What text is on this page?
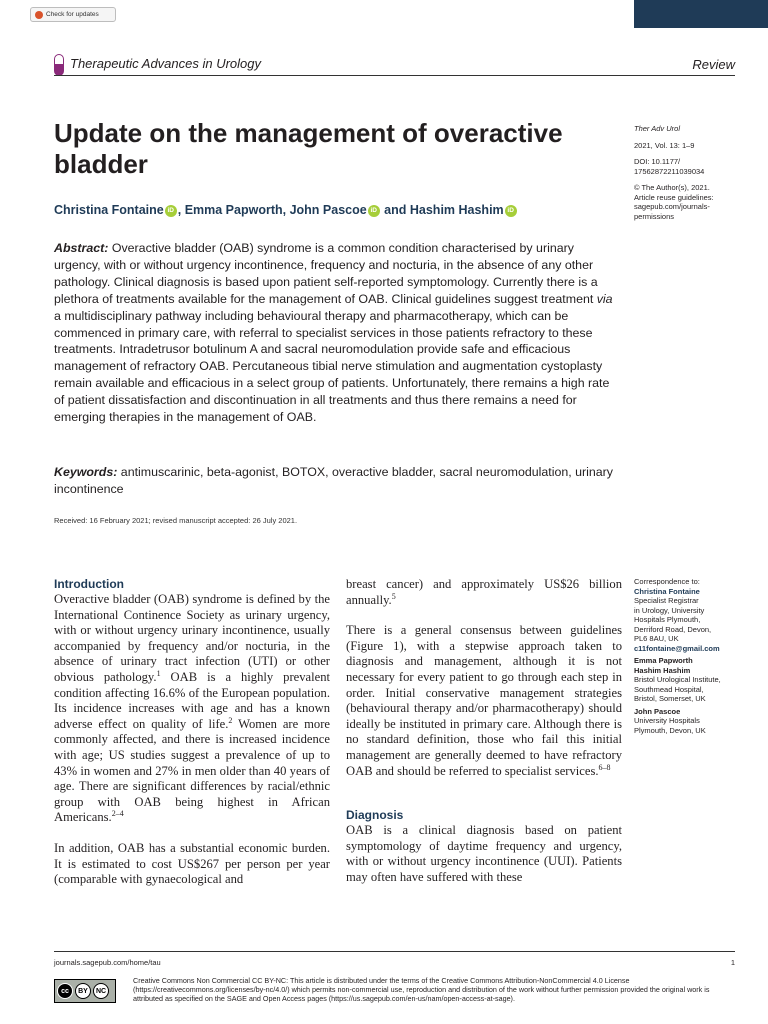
Check for updates
Therapeutic Advances in Urology	Review
Update on the management of overactive bladder
Christina Fontaine iD , Emma Papworth, John Pascoe iD and Hashim Hashim iD
Ther Adv Urol
2021, Vol. 13: 1–9
DOI: 10.1177/
17562872211039034
© The Author(s), 2021.
Article reuse guidelines:
sagepub.com/journals-
permissions
Abstract: Overactive bladder (OAB) syndrome is a common condition characterised by urinary urgency, with or without urgency incontinence, frequency and nocturia, in the absence of any other pathology. Clinical diagnosis is based upon patient self-reported symptomology. Currently there is a plethora of treatments available for the management of OAB. Clinical guidelines suggest treatment via a multidisciplinary pathway including behavioural therapy and pharmacotherapy, which can be commenced in primary care, with referral to specialist services in those patients refractory to these treatments. Intradetrusor botulinum A and sacral neuromodulation provide safe and efficacious management of refractory OAB. Percutaneous tibial nerve stimulation and augmentation cystoplasty remain available and efficacious in a select group of patients. Unfortunately, there remains a high rate of patient dissatisfaction and discontinuation in all treatments and thus there remains a need for emerging therapies in the management of OAB.
Keywords: antimuscarinic, beta-agonist, BOTOX, overactive bladder, sacral neuromodulation, urinary incontinence
Received: 16 February 2021; revised manuscript accepted: 26 July 2021.
Introduction

Overactive bladder (OAB) syndrome is defined by the International Continence Society as urinary urgency, with or without urgency urinary incontinence, usually accompanied by frequency and/or nocturia, in the absence of urinary tract infection (UTI) or other obvious pathology.$^1$ OAB is a highly prevalent condition affecting 16.6% of the European population. Its incidence increases with age and has a known adverse effect on quality of life.$^2$ Women are more commonly affected, and there is increased incidence with age; US studies suggest a prevalence of up to 43% in women and 27% in men older than 40 years of age. There are significant differences by racial/ethnic group with OAB being highest in African Americans.$^{2-4}$

In addition, OAB has a substantial economic burden. It is estimated to cost US$267 per person per year (comparable with gynaecological and

breast cancer) and approximately US$26 billion annually.$^5$

There is a general consensus between guidelines (Figure 1), with a stepwise approach taken to diagnosis and management, although it is not necessary for every patient to go through each step in order. Initial conservative management strategies (behavioural therapy and/or pharmacotherapy) should ideally be instituted in primary care. Although there is no standard definition, those who fail this initial management are generally deemed to have refractory OAB and should be referred to specialist services.$^{6-8}$

Diagnosis

OAB is a clinical diagnosis based on patient symptomology of daytime frequency and urgency, with or without urgency incontinence (UUI). Patients may often have suffered with these

Correspondence to:
Christina Fontaine
Specialist Registrar
in Urology, University
Hospitals Plymouth,
Derriford Road, Devon,
PL6 8AU, UK
c11fontaine@gmail.com
Emma Papworth
Hashim Hashim
Bristol Urological Institute,
Southmead Hospital,
Bristol, Somerset, UK
John Pascoe
University Hospitals
Plymouth, Devon, UK
journals.sagepub.com/home/tau	1
cc	BY	NC
Creative Commons Non Commercial CC BY-NC: This article is distributed under the terms of the Creative Commons Attribution-NonCommercial 4.0 License (https://creativecommons.org/licenses/by-nc/4.0/) which permits non-commercial use, reproduction and distribution of the work without further permission provided the original work is attributed as specified on the SAGE and Open Access pages (https://us.sagepub.com/en-us/nam/open-access-at-sage).
